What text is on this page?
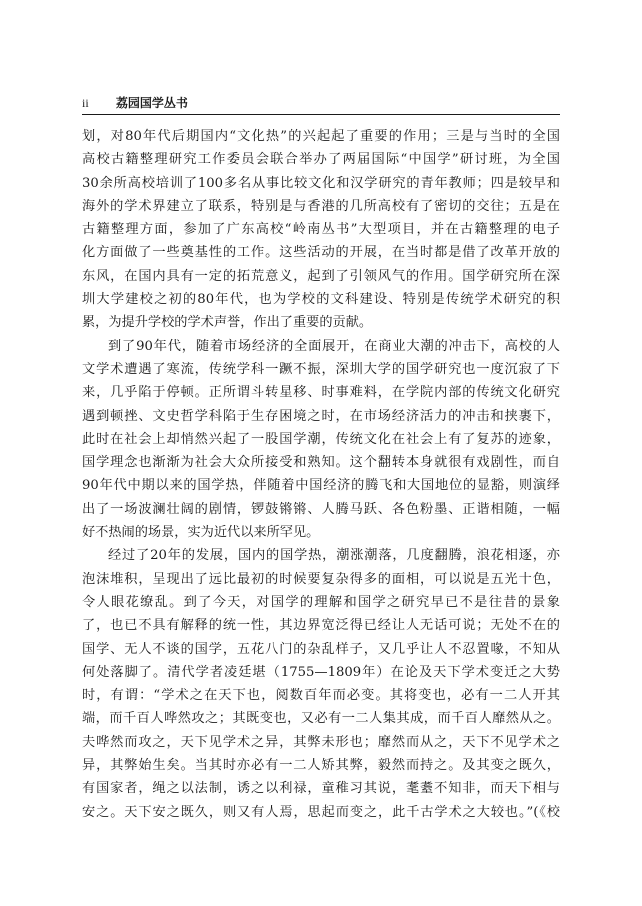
ii 荔园国学丛书
划，对80年代后期国内“文化热”的兴起起了重要的作用；三是与当时的全国
高校古籍整理研究工作委员会联合举办了两届国际“中国学”研讨班，为全国
30余所高校培训了100多名从事比较文化和汉学研究的青年教师；四是较早和
海外的学术界建立了联系，特别是与香港的几所高校有了密切的交往；五是在
古籍整理方面，参加了广东高校“岭南丛书”大型项目，并在古籍整理的电子
化方面做了一些奠基性的工作。这些活动的开展，在当时都是借了改革开放的
东风，在国内具有一定的拓荒意义，起到了引领风气的作用。国学研究所在深
圳大学建校之初的80年代，也为学校的文科建设、特别是传统学术研究的积
累，为提升学校的学术声誉，作出了重要的贡献。
到了90年代，随着市场经济的全面展开，在商业大潮的冲击下，高校的人
文学术遭遇了寒流，传统学科一蹶不振，深圳大学的国学研究也一度沉寂了下
来，几乎陷于停顿。正所谓斗转星移、时事难料，在学院内部的传统文化研究
遇到顿挫、文史哲学科陷于生存困境之时，在市场经济活力的冲击和挟裹下，
此时在社会上却悄然兴起了一股国学潮，传统文化在社会上有了复苏的迹象，
国学理念也渐渐为社会大众所接受和熟知。这个翻转本身就很有戏剧性，而自
90年代中期以来的国学热，伴随着中国经济的腾飞和大国地位的显豁，则演绎
出了一场波澜壮阔的剧情，锣鼓锵锵、人腾马跃、各色粉墨、正谐相随，一幅
好不热闹的场景，实为近代以来所罕见。
经过了20年的发展，国内的国学热，潮涨潮落，几度翻腾，浪花相逐，亦
泡沫堆积，呈现出了远比最初的时候要复杂得多的面相，可以说是五光十色，
令人眼花缭乱。到了今天，对国学的理解和国学之研究早已不是往昔的景象
了，也已不具有解释的统一性，其边界宽泛得已经让人无话可说；无处不在的
国学、无人不谈的国学，五花八门的杂乱样子，又几乎让人不忍置喙，不知从
何处落脚了。清代学者凌廷堪（1755—1809年）在论及天下学术变迁之大势
时，有谓：“学术之在天下也，阅数百年而必变。其将变也，必有一二人开其
端，而千百人哗然攻之；其既变也，又必有一二人集其成，而千百人靡然从之。
夫哗然而攻之，天下见学术之异，其弊未形也；靡然而从之，天下不见学术之
异，其弊始生矣。当其时亦必有一二人矫其弊，毅然而持之。及其变之既久，
有国家者，绳之以法制，诱之以利禄，童稚习其说，耄耋不知非，而天下相与
安之。天下安之既久，则又有人焉，思起而变之，此千古学术之大较也。”(《校
